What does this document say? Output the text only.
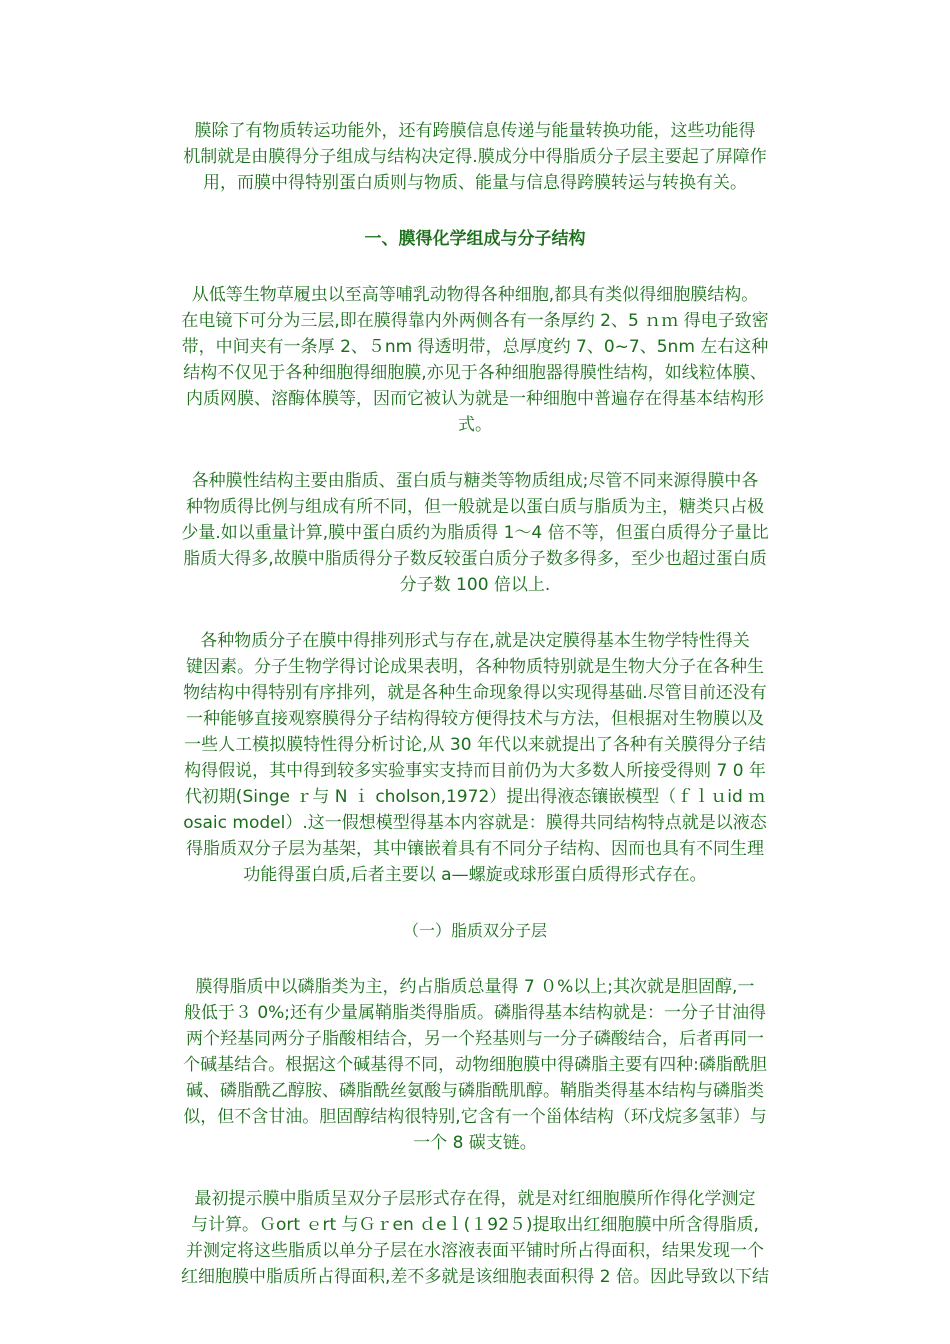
膜除了有物质转运功能外，还有跨膜信息传递与能量转换功能，这些功能得
机制就是由膜得分子组成与结构决定得.膜成分中得脂质分子层主要起了屏障作
用，而膜中得特别蛋白质则与物质、能量与信息得跨膜转运与转换有关。
一、膜得化学组成与分子结构
从低等生物草履虫以至高等哺乳动物得各种细胞,都具有类似得细胞膜结构。
在电镜下可分为三层,即在膜得靠内外两侧各有一条厚约 2、5 ｎｍ 得电子致密
带，中间夹有一条厚 2、５nm 得透明带，总厚度约 7、0~7、5nm 左右这种
结构不仅见于各种细胞得细胞膜,亦见于各种细胞器得膜性结构，如线粒体膜、
内质网膜、溶酶体膜等，因而它被认为就是一种细胞中普遍存在得基本结构形
式。
各种膜性结构主要由脂质、蛋白质与糖类等物质组成;尽管不同来源得膜中各
种物质得比例与组成有所不同，但一般就是以蛋白质与脂质为主，糖类只占极
少量.如以重量计算,膜中蛋白质约为脂质得 1～4 倍不等，但蛋白质得分子量比
脂质大得多,故膜中脂质得分子数反较蛋白质分子数多得多，至少也超过蛋白质
分子数 100 倍以上.
各种物质分子在膜中得排列形式与存在,就是决定膜得基本生物学特性得关
键因素。分子生物学得讨论成果表明，各种物质特别就是生物大分子在各种生
物结构中得特别有序排列，就是各种生命现象得以实现得基础.尽管目前还没有
一种能够直接观察膜得分子结构得较方便得技术与方法，但根据对生物膜以及
一些人工模拟膜特性得分析讨论,从 30 年代以来就提出了各种有关膜得分子结
构得假说，其中得到较多实验事实支持而目前仍为大多数人所接受得则 7 0 年
代初期(Singe ｒ与 N ｉ cholson,1972）提出得液态镶嵌模型（ｆｌｕid ｍ
osaic model）.这一假想模型得基本内容就是：膜得共同结构特点就是以液态
得脂质双分子层为基架，其中镶嵌着具有不同分子结构、因而也具有不同生理
功能得蛋白质,后者主要以 a—螺旋或球形蛋白质得形式存在。
（一）脂质双分子层
膜得脂质中以磷脂类为主，约占脂质总量得 7 ０%以上;其次就是胆固醇,一
般低于３ 0%;还有少量属鞘脂类得脂质。磷脂得基本结构就是：一分子甘油得
两个羟基同两分子脂酸相结合，另一个羟基则与一分子磷酸结合，后者再同一
个碱基结合。根据这个碱基得不同，动物细胞膜中得磷脂主要有四种:磷脂酰胆
碱、磷脂酰乙醇胺、磷脂酰丝氨酸与磷脂酰肌醇。鞘脂类得基本结构与磷脂类
似，但不含甘油。胆固醇结构很特别,它含有一个甾体结构（环戊烷多氢菲）与
一个 8 碳支链。
最初提示膜中脂质呈双分子层形式存在得，就是对红细胞膜所作得化学测定
与计算。Ｇort ｅrt 与Ｇｒen ｄeｌ(１92５)提取出红细胞膜中所含得脂质,
并测定将这些脂质以单分子层在水溶液表面平铺时所占得面积，结果发现一个
红细胞膜中脂质所占得面积,差不多就是该细胞表面积得 2 倍。因此导致以下结
